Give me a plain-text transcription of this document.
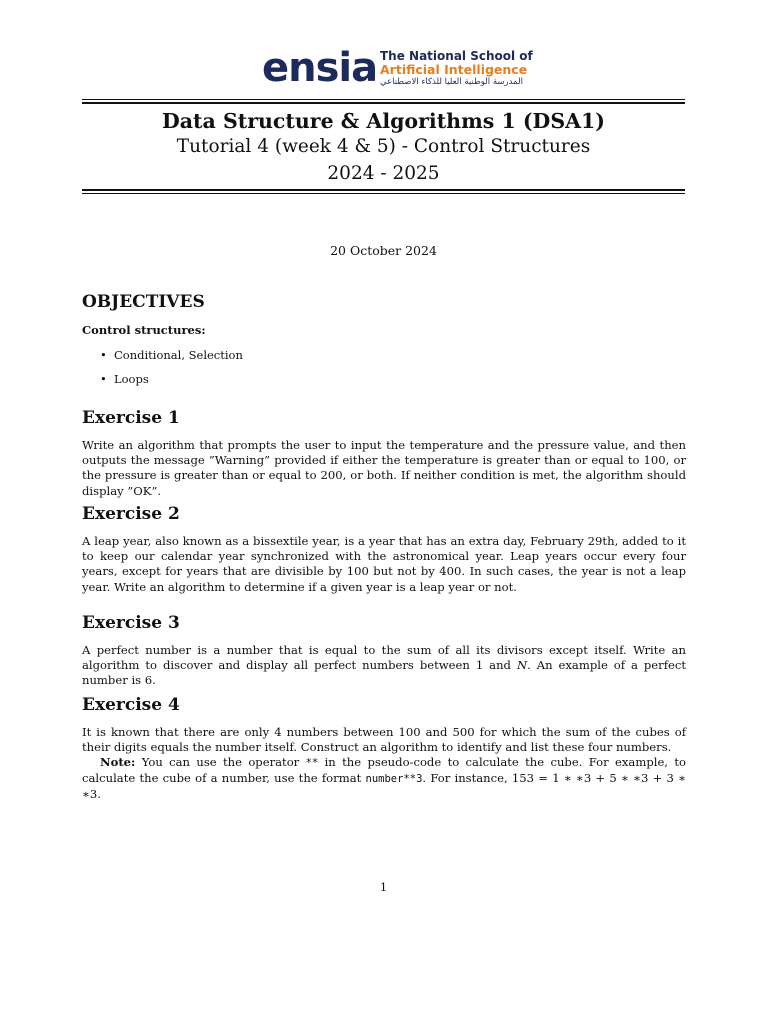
ensia The National School of
Artificial Intelligence
المدرسة الوطنية العليا للذكاء الاصطناعي
Data Structure & Algorithms 1 (DSA1)
Tutorial 4 (week 4 & 5) - Control Structures
2024 - 2025
20 October 2024
OBJECTIVES
Control structures:
• Conditional, Selection
• Loops
Exercise 1

Write an algorithm that prompts the user to input the temperature and the pressure value, and then outputs the message ”Warning” provided if either the temperature is greater than or equal to 100, or the pressure is greater than or equal to 200, or both. If neither condition is met, the algorithm should display ”OK”.

Exercise 2

A leap year, also known as a bissextile year, is a year that has an extra day, February 29th, added to it to keep our calendar year synchronized with the astronomical year. Leap years occur every four years, except for years that are divisible by 100 but not by 400. In such cases, the year is not a leap year. Write an algorithm to determine if a given year is a leap year or not.

Exercise 3

A perfect number is a number that is equal to the sum of all its divisors except itself. Write an algorithm to discover and display all perfect numbers between 1 and N. An example of a perfect number is 6.

Exercise 4

It is known that there are only 4 numbers between 100 and 500 for which the sum of the cubes of their digits equals the number itself. Construct an algorithm to identify and list these four numbers.

Note: You can use the operator ** in the pseudo-code to calculate the cube. For example, to calculate the cube of a number, use the format number**3. For instance, 153 = 1 ∗ ∗3 + 5 ∗ ∗3 + 3 ∗ ∗3.

1
